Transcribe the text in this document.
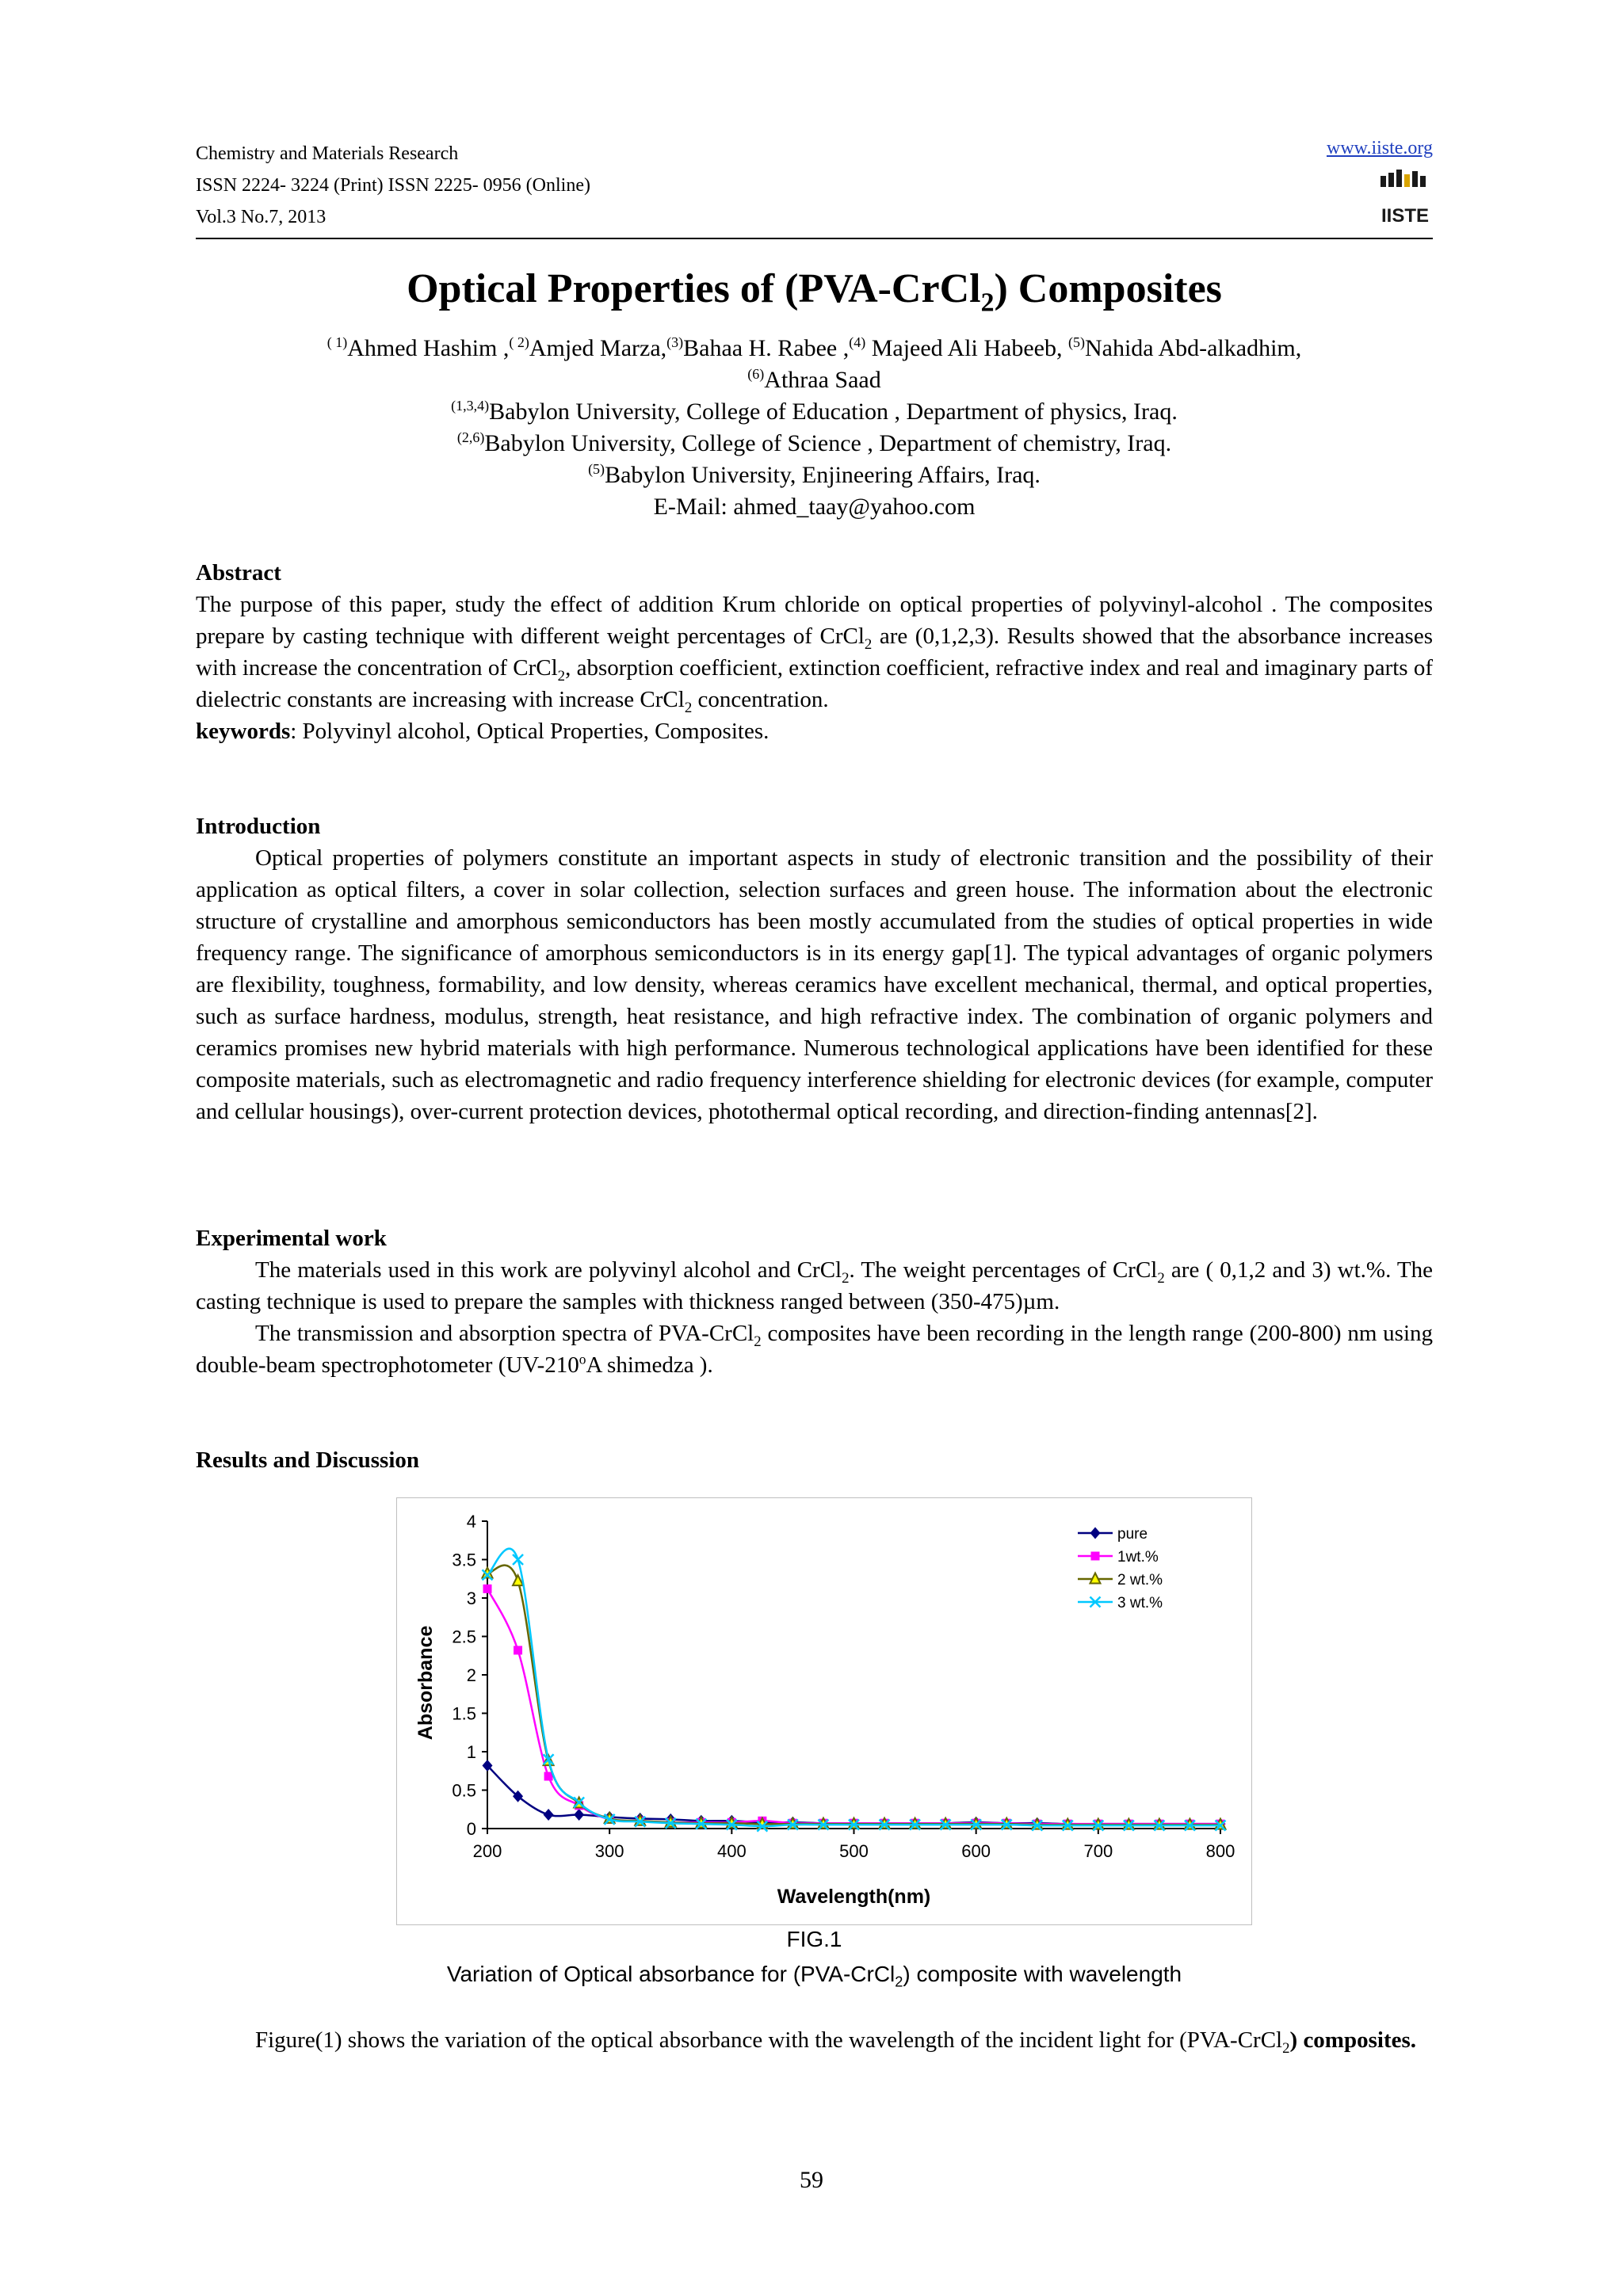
Chemistry and Materials Research
ISSN 2224- 3224 (Print) ISSN 2225- 0956 (Online)
Vol.3 No.7, 2013
www.iiste.org
IISTE
Optical Properties of (PVA-CrCl$_2$) Composites
$^{( 1)}$Ahmed Hashim ,$^{( 2)}$Amjed Marza,$^{(3)}$Bahaa H. Rabee ,$^{(4)}$ Majeed Ali Habeeb, $^{(5)}$Nahida Abd-alkadhim,
$^{(6)}$Athraa Saad
$^{(1,3,4)}$Babylon University, College of Education , Department of physics, Iraq.
$^{(2,6)}$Babylon University, College of Science , Department of chemistry, Iraq.
$^{(5)}$Babylon University, Enjineering Affairs, Iraq.
E-Mail: ahmed_taay@yahoo.com

Abstract

The purpose of this paper, study the effect of addition Krum chloride on optical properties of polyvinyl-alcohol . The composites prepare by casting technique with different weight percentages of CrCl$_2$ are (0,1,2,3). Results showed that the absorbance increases with increase the concentration of CrCl$_2$, absorption coefficient, extinction coefficient, refractive index and real and imaginary parts of dielectric constants are increasing with increase CrCl$_2$ concentration.

keywords: Polyvinyl alcohol, Optical Properties, Composites.

Introduction

Optical properties of polymers constitute an important aspects in study of electronic transition and the possibility of their application as optical filters, a cover in solar collection, selection surfaces and green house. The information about the electronic structure of crystalline and amorphous semiconductors has been mostly accumulated from the studies of optical properties in wide frequency range. The significance of amorphous semiconductors is in its energy gap[1]. The typical advantages of organic polymers are flexibility, toughness, formability, and low density, whereas ceramics have excellent mechanical, thermal, and optical properties, such as surface hardness, modulus, strength, heat resistance, and high refractive index. The combination of organic polymers and ceramics promises new hybrid materials with high performance. Numerous technological applications have been identified for these composite materials, such as electromagnetic and radio frequency interference shielding for electronic devices (for example, computer and cellular housings), over-current protection devices, photothermal optical recording, and direction-finding antennas[2].

Experimental work

The materials used in this work are polyvinyl alcohol and CrCl$_2$. The weight percentages of CrCl$_2$ are ( 0,1,2 and 3) wt.%. The casting technique is used to prepare the samples with thickness ranged between (350-475)µm.

The transmission and absorption spectra of PVA-CrCl$_2$ composites have been recording in the length range (200-800) nm using double-beam spectrophotometer (UV-210$^o$A shimedza ).

Results and Discussion

0
0.5
1
1.5
2
2.5
3
3.5
4
200	300	400	500	600	700	800
Wavelength(nm)
Absorbance
pure
1wt.%
2 wt.%
3 wt.%
FIG.1
Variation of Optical absorbance for (PVA-CrCl$_2$) composite with wavelength

Figure(1) shows the variation of the optical absorbance with the wavelength of the incident light for (PVA-CrCl$_2$) composites.

59
